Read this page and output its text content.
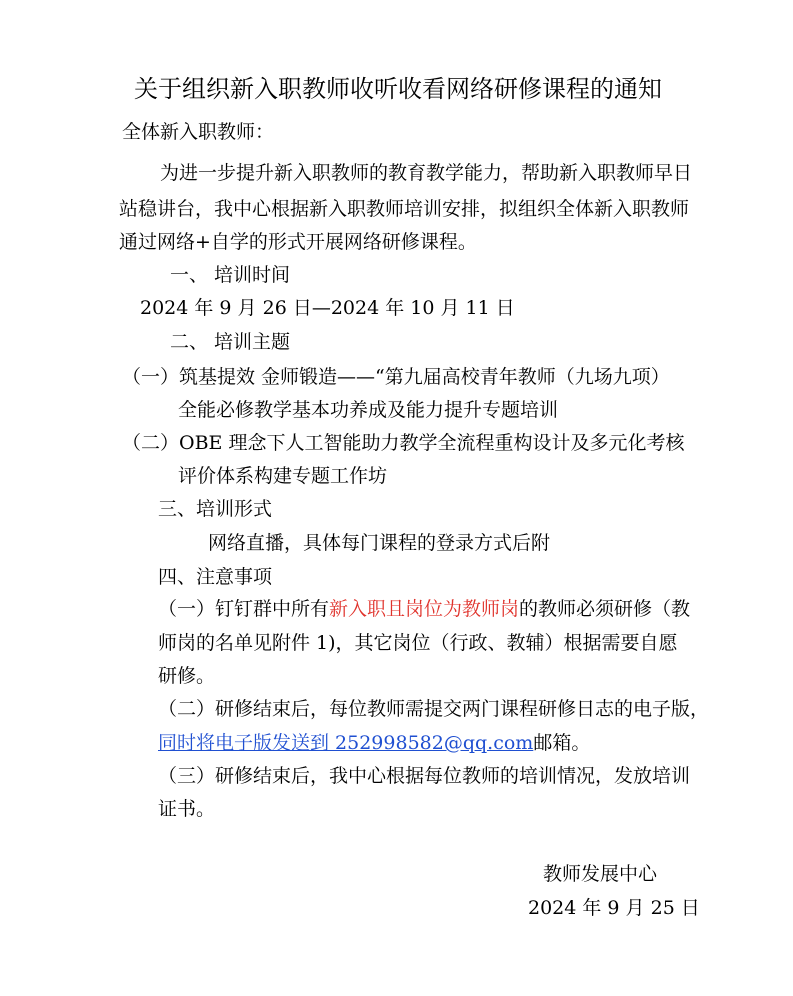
关于组织新入职教师收听收看网络研修课程的通知
全体新入职教师：
为进一步提升新入职教师的教育教学能力，帮助新入职教师早日
站稳讲台，我中心根据新入职教师培训安排，拟组织全体新入职教师
通过网络+自学的形式开展网络研修课程。
一、 培训时间
2024 年 9 月 26 日—2024 年 10 月 11 日
二、 培训主题
（一）筑基提效 金师锻造——“第九届高校青年教师（九场九项）
全能必修教学基本功养成及能力提升专题培训
（二）OBE 理念下人工智能助力教学全流程重构设计及多元化考核
评价体系构建专题工作坊
三、培训形式
网络直播，具体每门课程的登录方式后附
四、注意事项
（一）钉钉群中所有新入职且岗位为教师岗的教师必须研修（教
师岗的名单见附件 1)，其它岗位（行政、教辅）根据需要自愿
研修。
（二）研修结束后，每位教师需提交两门课程研修日志的电子版，
同时将电子版发送到 252998582@qq.com邮箱。
（三）研修结束后，我中心根据每位教师的培训情况，发放培训
证书。
教师发展中心
2024 年 9 月 25 日
